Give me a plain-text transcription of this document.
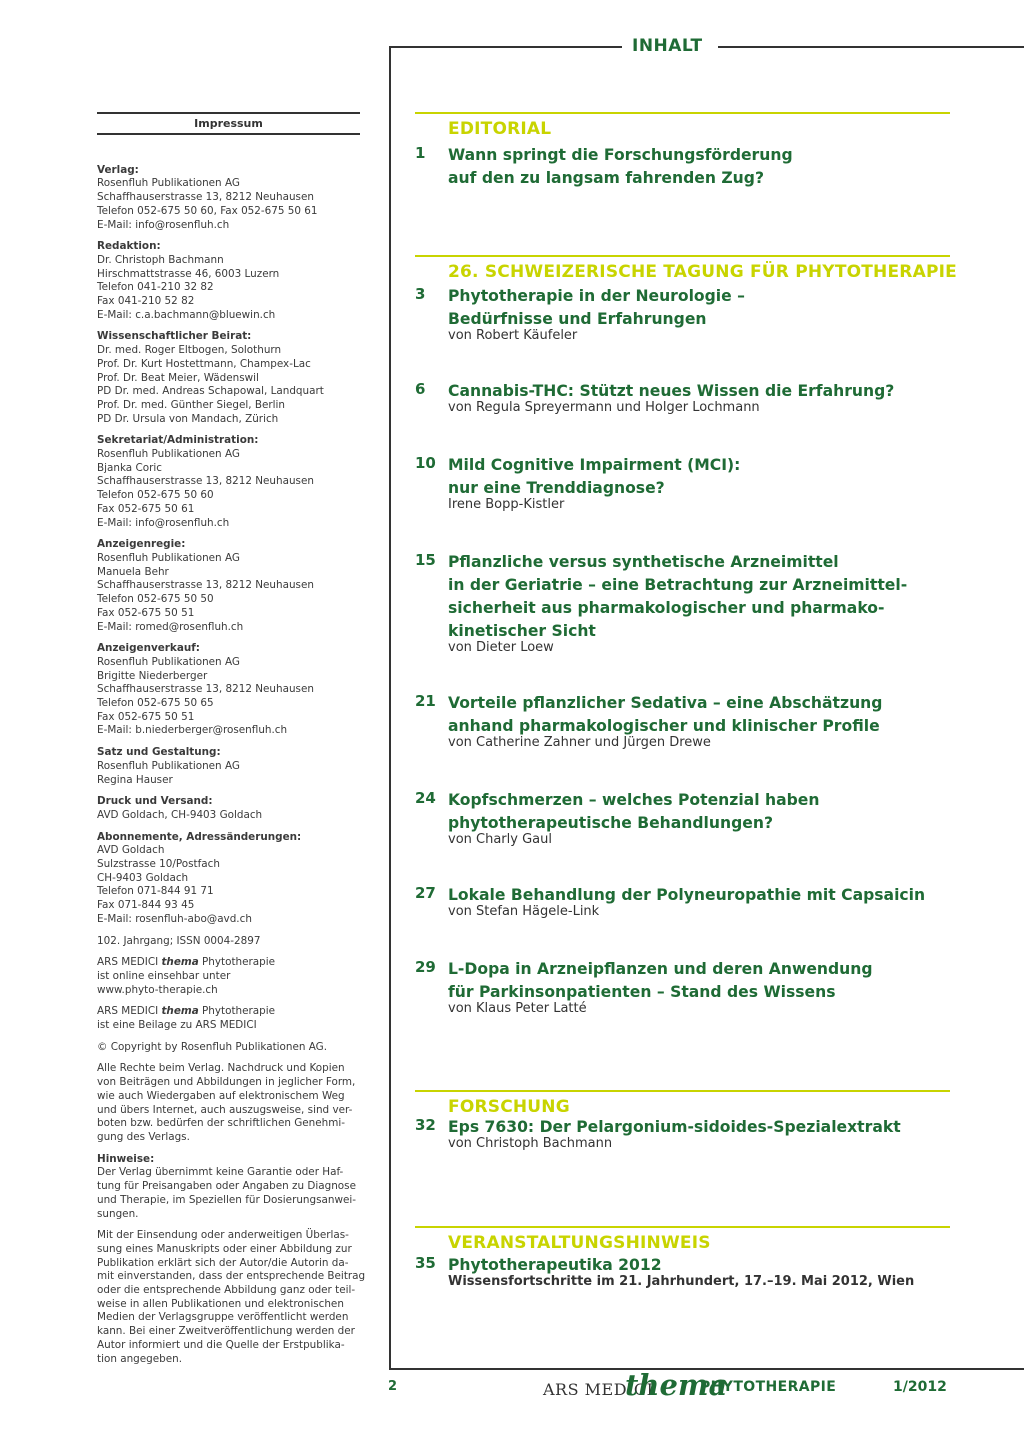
INHALT
Impressum
Verlag:
Rosenfluh Publikationen AG
Schaffhauserstrasse 13, 8212 Neuhausen
Telefon 052-675 50 60, Fax 052-675 50 61
E-Mail: info@rosenfluh.ch
Redaktion:
Dr. Christoph Bachmann
Hirschmattstrasse 46, 6003 Luzern
Telefon 041-210 32 82
Fax 041-210 52 82
E-Mail: c.a.bachmann@bluewin.ch
Wissenschaftlicher Beirat:
Dr. med. Roger Eltbogen, Solothurn
Prof. Dr. Kurt Hostettmann, Champex-Lac
Prof. Dr. Beat Meier, Wädenswil
PD Dr. med. Andreas Schapowal, Landquart
Prof. Dr. med. Günther Siegel, Berlin
PD Dr. Ursula von Mandach, Zürich
Sekretariat/Administration:
Rosenfluh Publikationen AG
Bjanka Coric
Schaffhauserstrasse 13, 8212 Neuhausen
Telefon 052-675 50 60
Fax 052-675 50 61
E-Mail: info@rosenfluh.ch
Anzeigenregie:
Rosenfluh Publikationen AG
Manuela Behr
Schaffhauserstrasse 13, 8212 Neuhausen
Telefon 052-675 50 50
Fax 052-675 50 51
E-Mail: romed@rosenfluh.ch
Anzeigenverkauf:
Rosenfluh Publikationen AG
Brigitte Niederberger
Schaffhauserstrasse 13, 8212 Neuhausen
Telefon 052-675 50 65
Fax 052-675 50 51
E-Mail: b.niederberger@rosenfluh.ch
Satz und Gestaltung:
Rosenfluh Publikationen AG
Regina Hauser
Druck und Versand:
AVD Goldach, CH-9403 Goldach
Abonnemente, Adressänderungen:
AVD Goldach
Sulzstrasse 10/Postfach
CH-9403 Goldach
Telefon 071-844 91 71
Fax 071-844 93 45
E-Mail: rosenfluh-abo@avd.ch
102. Jahrgang; ISSN 0004-2897
ARS MEDICI thema Phytotherapie
ist online einsehbar unter
www.phyto-therapie.ch
ARS MEDICI thema Phytotherapie
ist eine Beilage zu ARS MEDICI
© Copyright by Rosenfluh Publikationen AG.
Alle Rechte beim Verlag. Nachdruck und Kopien
von Beiträgen und Abbildungen in jeglicher Form,
wie auch Wiedergaben auf elektronischem Weg
und übers Internet, auch auszugsweise, sind ver-
boten bzw. bedürfen der schriftlichen Genehmi-
gung des Verlags.
Hinweise:
Der Verlag übernimmt keine Garantie oder Haf-
tung für Preisangaben oder Angaben zu Diagnose
und Therapie, im Speziellen für Dosierungsanwei-
sungen.
Mit der Einsendung oder anderweitigen Überlas-
sung eines Manuskripts oder einer Abbildung zur
Publikation erklärt sich der Autor/die Autorin da-
mit einverstanden, dass der entsprechende Beitrag
oder die entsprechende Abbildung ganz oder teil-
weise in allen Publikationen und elektronischen
Medien der Verlagsgruppe veröffentlicht werden
kann. Bei einer Zweitveröffentlichung werden der
Autor informiert und die Quelle der Erstpublika-
tion angegeben.
EDITORIAL
26. SCHWEIZERISCHE TAGUNG FÜR PHYTOTHERAPIE
FORSCHUNG
VERANSTALTUNGSHINWEIS
1	Wann springt die Forschungsförderung
auf den zu langsam fahrenden Zug?
3	Phytotherapie in der Neurologie –
Bedürfnisse und Erfahrungen
von Robert Käufeler
6	Cannabis-THC: Stützt neues Wissen die Erfahrung?
von Regula Spreyermann und Holger Lochmann
10 Mild Cognitive Impairment (MCI):
nur eine Trenddiagnose?
Irene Bopp-Kistler
15 Pflanzliche versus synthetische Arzneimittel
in der Geriatrie – eine Betrachtung zur Arzneimittel-
sicherheit aus pharmakologischer und pharmako-
kinetischer Sicht
von Dieter Loew
21 Vorteile pflanzlicher Sedativa – eine Abschätzung
anhand pharmakologischer und klinischer Profile
von Catherine Zahner und Jürgen Drewe
24 Kopfschmerzen – welches Potenzial haben
phytotherapeutische Behandlungen?
von Charly Gaul
27 Lokale Behandlung der Polyneuropathie mit Capsaicin
von Stefan Hägele-Link
29 L-Dopa in Arzneipflanzen und deren Anwendung
für Parkinsonpatienten – Stand des Wissens
von Klaus Peter Latté
32 Eps 7630: Der Pelargonium-sidoides-Spezialextrakt
von Christoph Bachmann
35 Phytotherapeutika 2012
Wissensfortschritte im 21. Jahrhundert, 17.–19. Mai 2012, Wien
2	ARS MEDICI
thema
PHYTOTHERAPIE	1/2012
